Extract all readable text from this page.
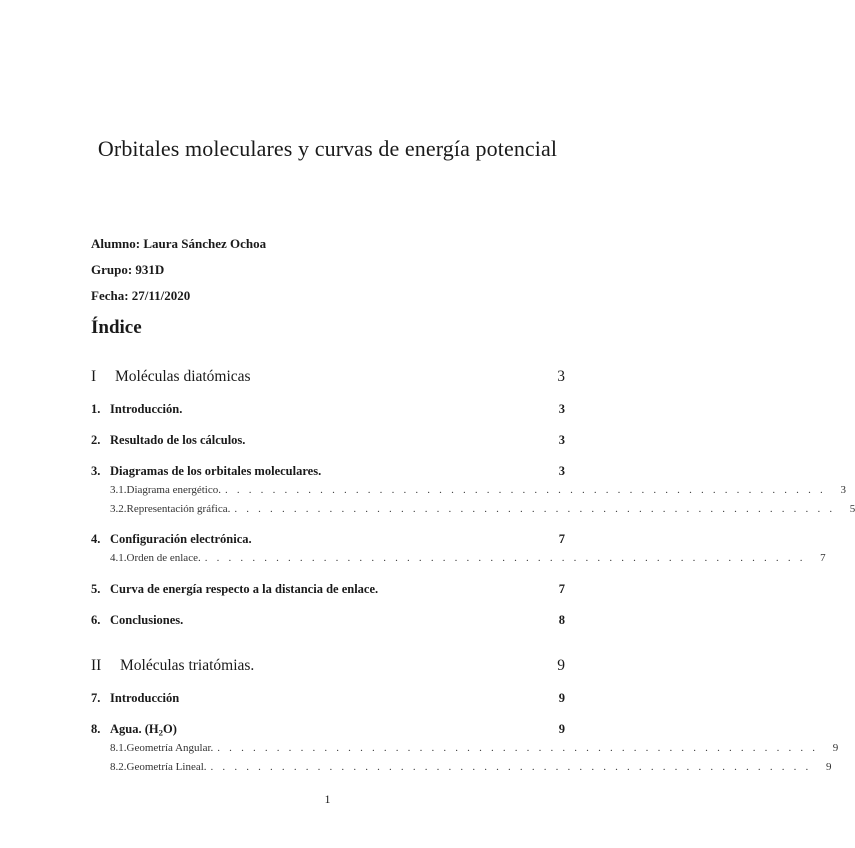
Orbitales moleculares y curvas de energía potencial
Alumno: Laura Sánchez Ochoa
Grupo: 931D
Fecha: 27/11/2020
Índice
I	Moléculas diatómicas	3
1. Introducción.	3
2. Resultado de los cálculos.	3
3. Diagramas de los orbitales moleculares.	3
3.1. Diagrama energético. . . . . . . . . . . . . . . . . . . . . . . . . . . . . . . . . . . . . . . . . . . . . . . . . . . .	3
3.2. Representación gráfica. . . . . . . . . . . . . . . . . . . . . . . . . . . . . . . . . . . . . . . . . . . . . . . . . . . .	5
4. Configuración electrónica.	7
4.1. Orden de enlace. . . . . . . . . . . . . . . . . . . . . . . . . . . . . . . . . . . . . . . . . . . . . . . . . . . .	7
5. Curva de energía respecto a la distancia de enlace.	7
6. Conclusiones.	8
II	Moléculas triatómias.	9
7. Introducción	9
8. Agua. $(H_2O)$	9
8.1. Geometría Angular. . . . . . . . . . . . . . . . . . . . . . . . . . . . . . . . . . . . . . . . . . . . . . . . . . . .	9
8.2. Geometría Lineal. . . . . . . . . . . . . . . . . . . . . . . . . . . . . . . . . . . . . . . . . . . . . . . . . . . .	9
1
